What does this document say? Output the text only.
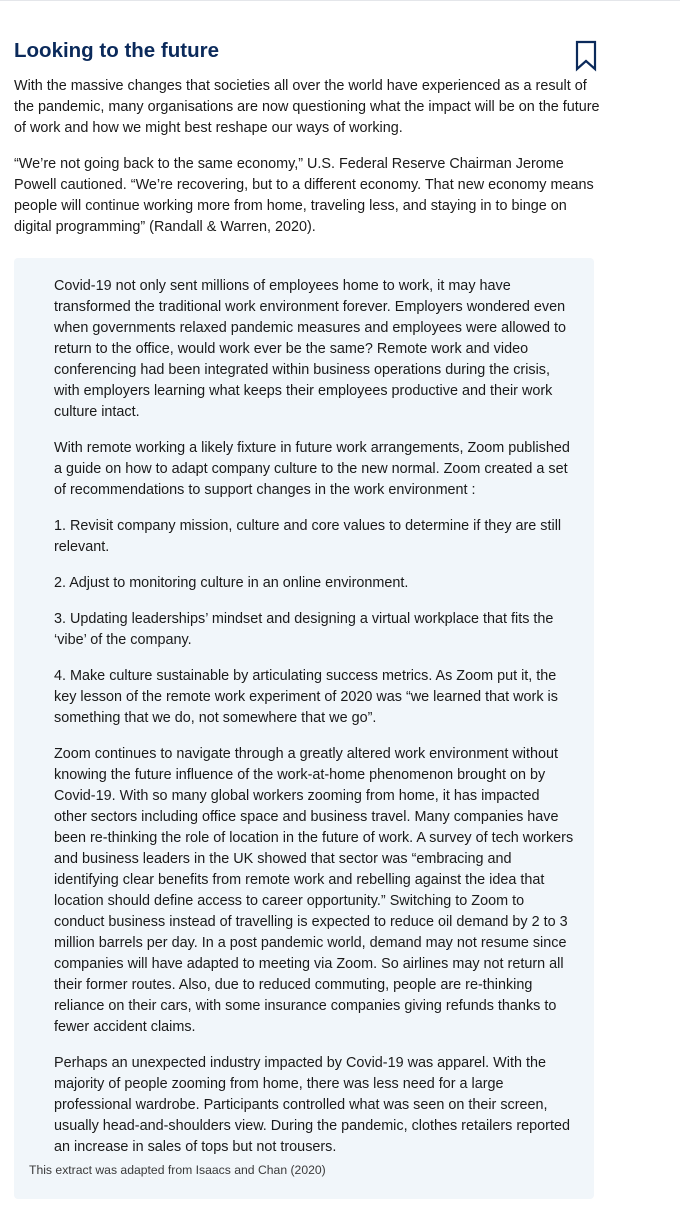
Looking to the future

With the massive changes that societies all over the world have experienced as a result of the pandemic, many organisations are now questioning what the impact will be on the future of work and how we might best reshape our ways of working.

“We’re not going back to the same economy,” U.S. Federal Reserve Chairman Jerome Powell cautioned. “We’re recovering, but to a different economy. That new economy means people will continue working more from home, traveling less, and staying in to binge on digital programming” (Randall & Warren, 2020).

Covid-19 not only sent millions of employees home to work, it may have transformed the traditional work environment forever. Employers wondered even when governments relaxed pandemic measures and employees were allowed to return to the office, would work ever be the same? Remote work and video conferencing had been integrated within business operations during the crisis, with employers learning what keeps their employees productive and their work culture intact.

With remote working a likely fixture in future work arrangements, Zoom published a guide on how to adapt company culture to the new normal. Zoom created a set of recommendations to support changes in the work environment :

1. Revisit company mission, culture and core values to determine if they are still relevant.

2. Adjust to monitoring culture in an online environment.

3. Updating leaderships’ mindset and designing a virtual workplace that fits the ‘vibe’ of the company.

4. Make culture sustainable by articulating success metrics. As Zoom put it, the key lesson of the remote work experiment of 2020 was “we learned that work is something that we do, not somewhere that we go”.

Zoom continues to navigate through a greatly altered work environment without knowing the future influence of the work-at-home phenomenon brought on by Covid-19. With so many global workers zooming from home, it has impacted other sectors including office space and business travel. Many companies have been re-thinking the role of location in the future of work. A survey of tech workers and business leaders in the UK showed that sector was “embracing and identifying clear benefits from remote work and rebelling against the idea that location should define access to career opportunity.” Switching to Zoom to conduct business instead of travelling is expected to reduce oil demand by 2 to 3 million barrels per day. In a post pandemic world, demand may not resume since companies will have adapted to meeting via Zoom. So airlines may not return all their former routes. Also, due to reduced commuting, people are re-thinking reliance on their cars, with some insurance companies giving refunds thanks to fewer accident claims.

Perhaps an unexpected industry impacted by Covid-19 was apparel. With the majority of people zooming from home, there was less need for a large professional wardrobe. Participants controlled what was seen on their screen, usually head-and-shoulders view. During the pandemic, clothes retailers reported an increase in sales of tops but not trousers.

This extract was adapted from Isaacs and Chan (2020)
